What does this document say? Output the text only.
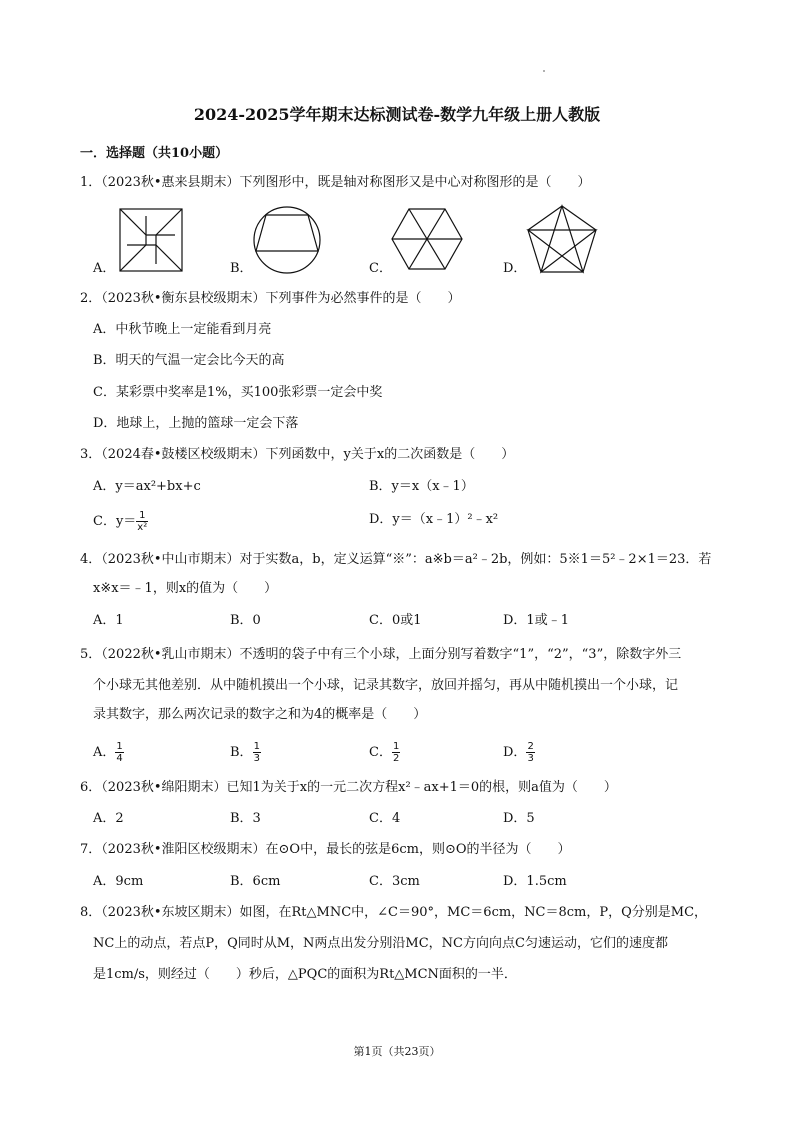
2024-2025学年期末达标测试卷-数学九年级上册人教版
一．选择题（共10小题）
1．（2023秋•惠来县期末）下列图形中，既是轴对称图形又是中心对称图形的是（　　）
A．	B．	C．	D．
2．（2023秋•衡东县校级期末）下列事件为必然事件的是（　　）
A．中秋节晚上一定能看到月亮
B．明天的气温一定会比今天的高
C．某彩票中奖率是1%，买100张彩票一定会中奖
D．地球上，上抛的篮球一定会下落
3．（2024春•鼓楼区校级期末）下列函数中，y关于x的二次函数是（　　）
A．y＝ax²+bx+c	B．y＝x（x﹣1）
C．$y= \frac{1}{\text{x²}}$	D．y＝（x﹣1）²﹣x²
4．（2023秋•中山市期末）对于实数a，b，定义运算“※”：a※b＝a²﹣2b，例如：5※1＝5²﹣2×1＝23．若
x※x＝﹣1，则x的值为（　　）
A．1	B．0	C．0或1	D．1或﹣1
5．（2022秋•乳山市期末）不透明的袋子中有三个小球，上面分别写着数字“1”，“2”，“3”，除数字外三
个小球无其他差别．从中随机摸出一个小球，记录其数字，放回并摇匀，再从中随机摸出一个小球，记
录其数字，那么两次记录的数字之和为4的概率是（　　）
A． $\frac{1}{4}$	B． $\frac{1}{3}$	C． $\frac{1}{2}$	D． $\frac{2}{3}$
6．（2023秋•绵阳期末）已知1为关于x的一元二次方程x²﹣ax+1＝0的根，则a值为（　　）
A．2	B．3	C．4	D．5
7．（2023秋•淮阳区校级期末）在⊙O中，最长的弦是6cm，则⊙O的半径为（　　）
A．9cm	B．6cm	C．3cm	D．1.5cm
8．（2023秋•东坡区期末）如图，在Rt△MNC中，∠C＝90°，MC＝6cm，NC＝8cm，P，Q分别是MC，
NC上的动点，若点P，Q同时从M，N两点出发分别沿MC，NC方向向点C匀速运动，它们的速度都
是1cm/s，则经过（　　）秒后，△PQC的面积为Rt△MCN面积的一半．
第1页（共23页）
